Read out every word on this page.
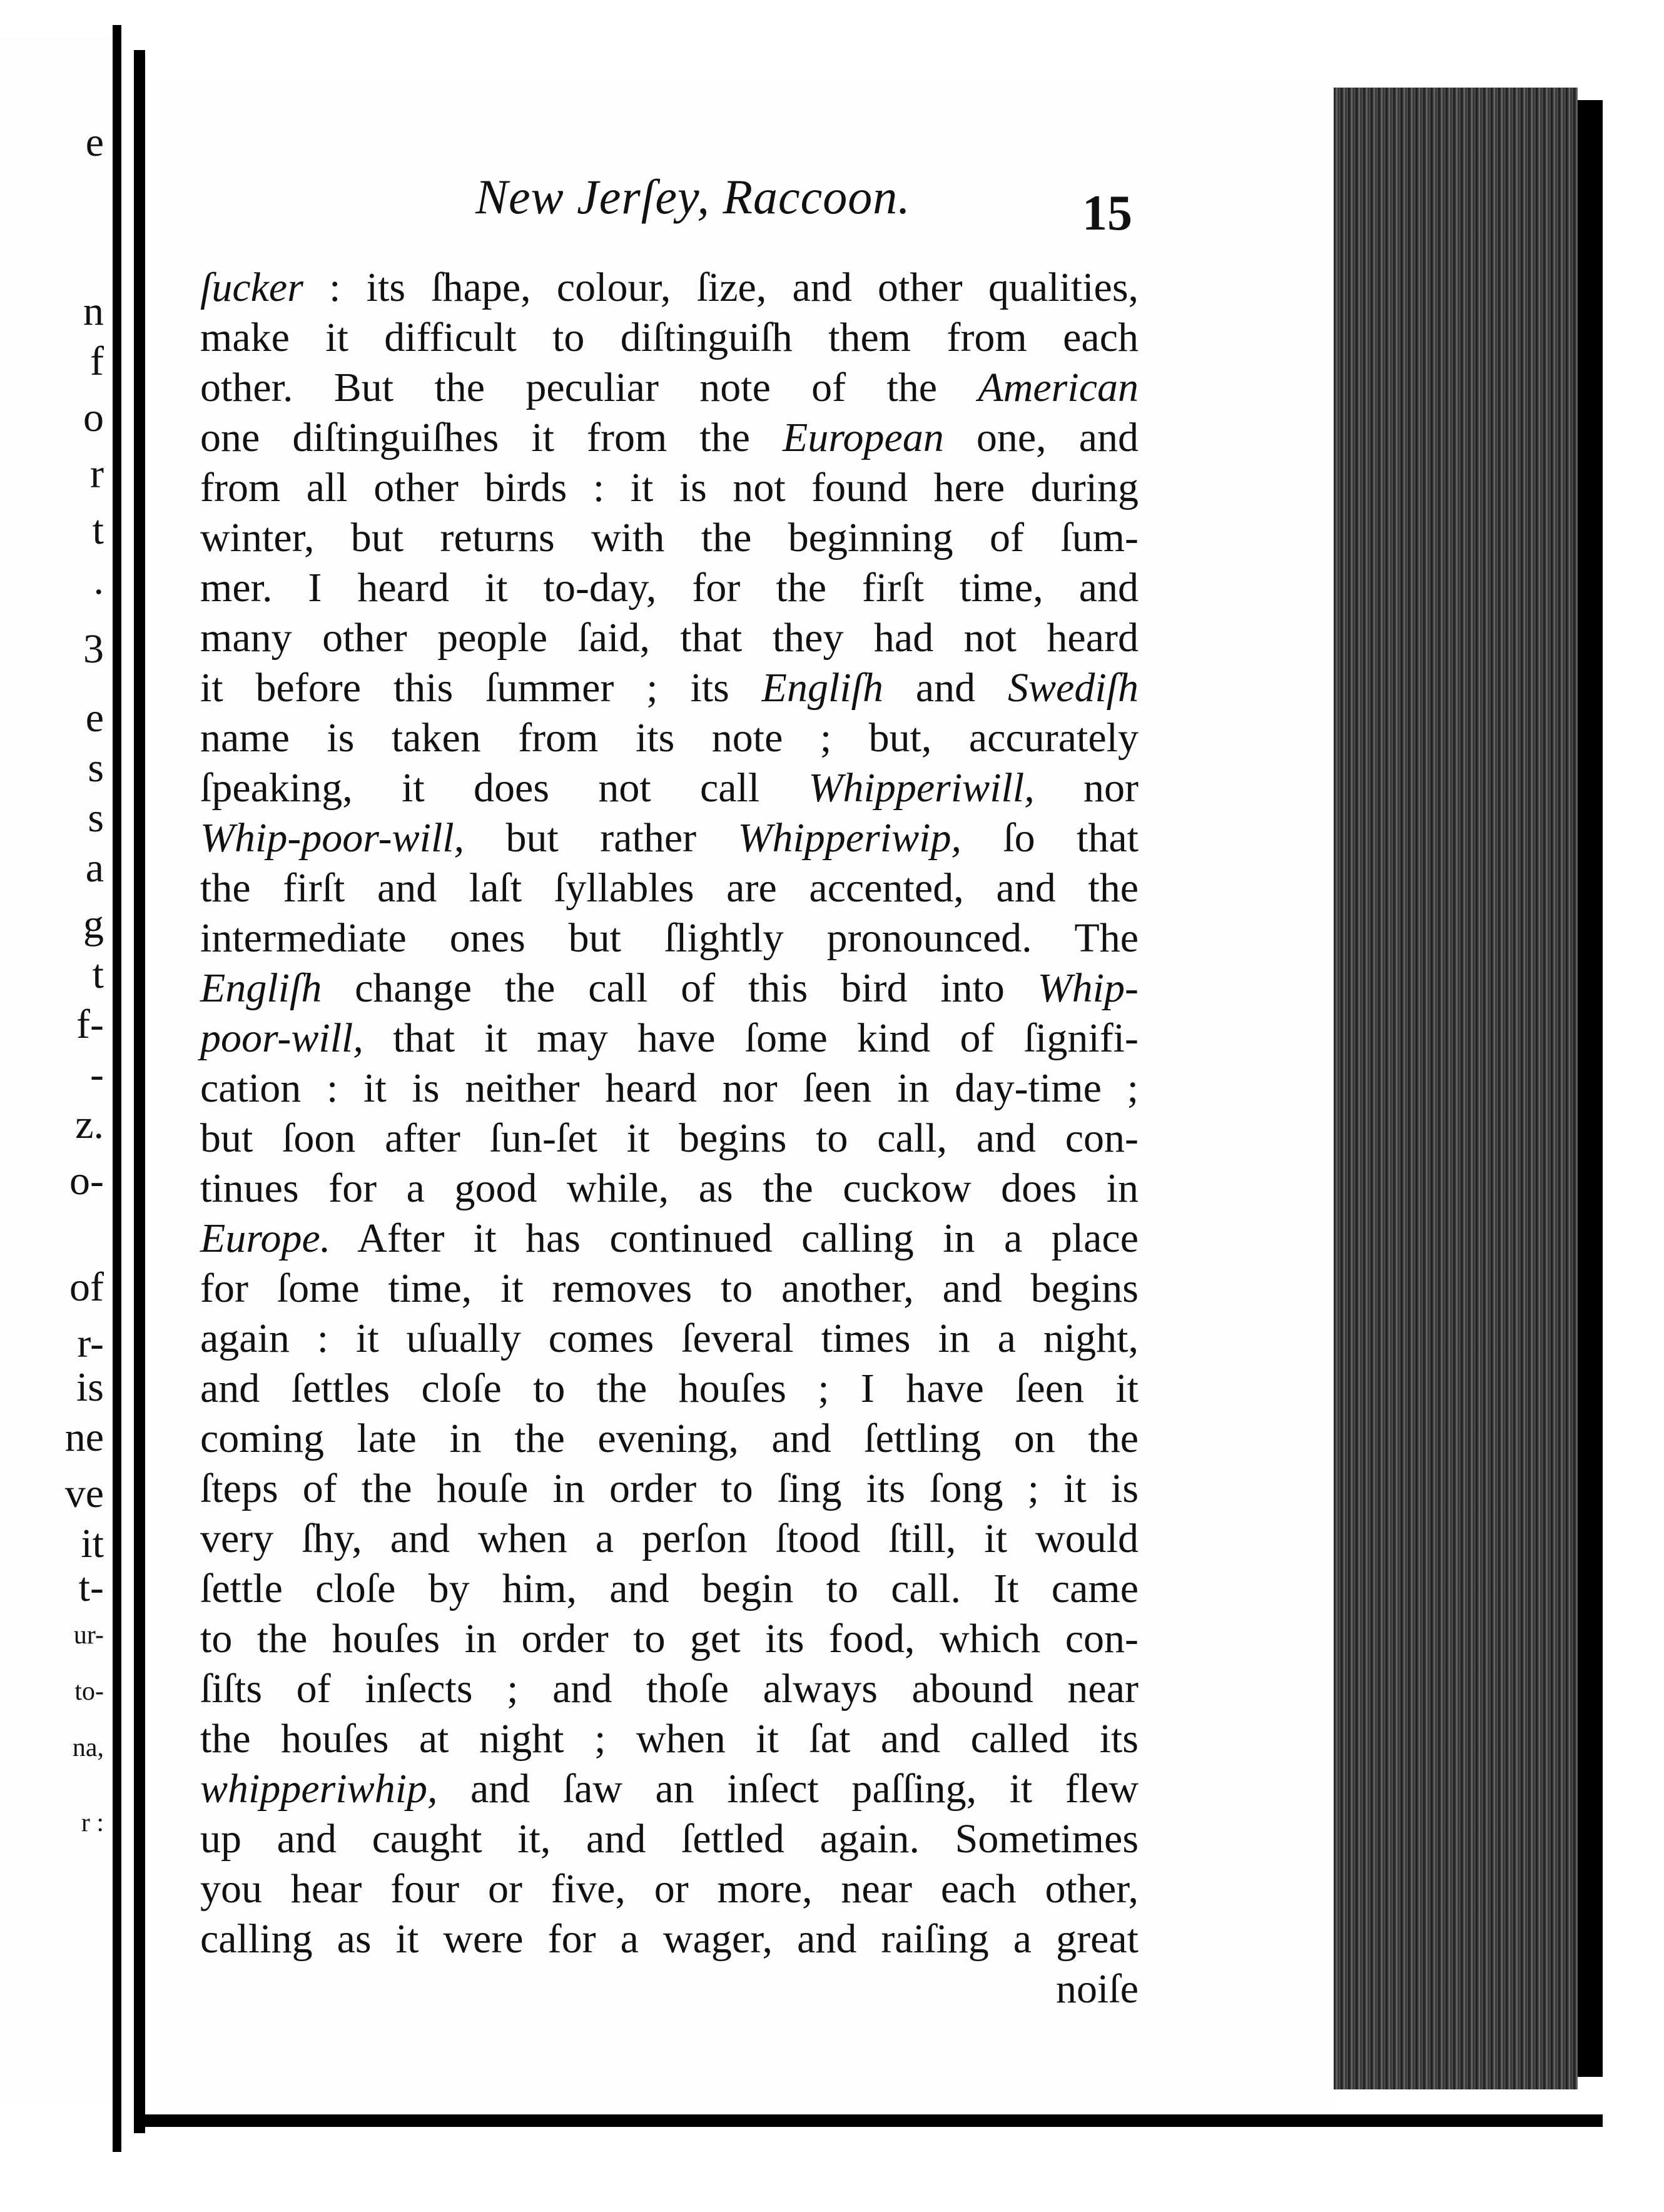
e
n
f
o
r
t
.
3
e
s
s
a
g
t
f-
-
z.
o-
of
r-
is
ne
ve
it
t-
ur-
to-
na,
r :
New Jerſey, Raccoon.	15
ſucker : its ſhape, colour, ſize, and other qualities,
make it difficult to diſtinguiſh them from each
other. But the peculiar note of the American
one diſtinguiſhes it from the European one, and
from all other birds : it is not found here during
winter, but returns with the beginning of ſum-
mer. I heard it to-day, for the firſt time, and
many other people ſaid, that they had not heard
it before this ſummer ; its Engliſh and Swediſh
name is taken from its note ; but, accurately
ſpeaking, it does not call Whipperiwill, nor
Whip-poor-will, but rather Whipperiwip, ſo that
the firſt and laſt ſyllables are accented, and the
intermediate ones but ſlightly pronounced. The
Engliſh change the call of this bird into Whip-
poor-will, that it may have ſome kind of ſignifi-
cation : it is neither heard nor ſeen in day-time ;
but ſoon after ſun-ſet it begins to call, and con-
tinues for a good while, as the cuckow does in
Europe. After it has continued calling in a place
for ſome time, it removes to another, and begins
again : it uſually comes ſeveral times in a night,
and ſettles cloſe to the houſes ; I have ſeen it
coming late in the evening, and ſettling on the
ſteps of the houſe in order to ſing its ſong ; it is
very ſhy, and when a perſon ſtood ſtill, it would
ſettle cloſe by him, and begin to call. It came
to the houſes in order to get its food, which con-
ſiſts of inſects ; and thoſe always abound near
the houſes at night ; when it ſat and called its
whipperiwhip, and ſaw an inſect paſſing, it flew
up and caught it, and ſettled again. Sometimes
you hear four or five, or more, near each other,
calling as it were for a wager, and raiſing a great
noiſe
